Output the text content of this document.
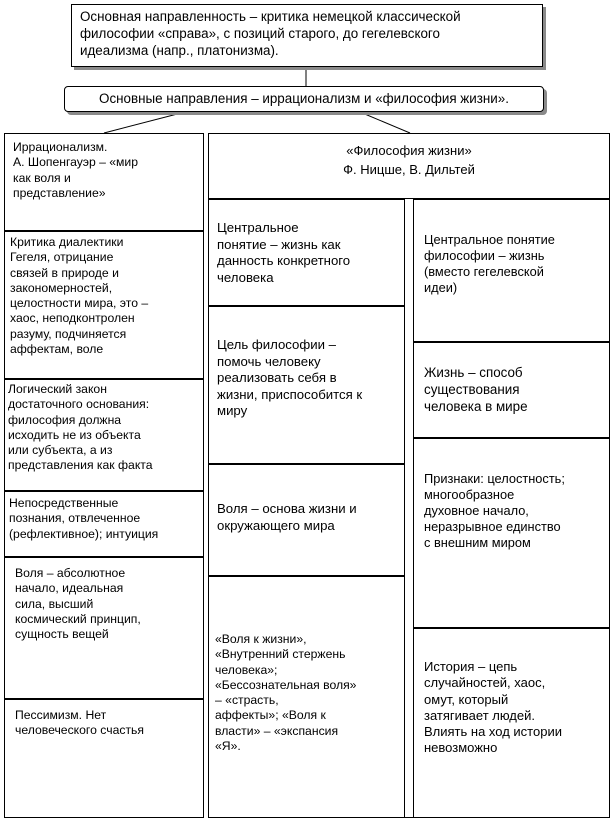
Основная направленность – критика немецкой классической
философии «справа», с позиций старого, до гегелевского
идеализма (напр., платонизма).
Основные направления – иррационализм и «философия жизни».
Иррационализм.
А. Шопенгауэр – «мир
как воля и
представление»
Критика диалектики
Гегеля, отрицание
связей в природе и
закономерностей,
целостности мира, это –
хаос, неподконтролен
разуму, подчиняется
аффектам, воле
Логический закон
достаточного основания:
философия должна
исходить не из объекта
или субъекта, а из
представления как факта
Непосредственные
познания, отвлеченное
(рефлективное); интуиция
Воля – абсолютное
начало, идеальная
сила, высший
космический принцип,
сущность вещей
Пессимизм. Нет
человеческого счастья
«Философия жизни»
Ф. Ницше, В. Дильтей
Центральное
понятие – жизнь как
данность конкретного
человека
Цель философии –
помочь человеку
реализовать себя в
жизни, приспособится к
миру
Воля – основа жизни и
окружающего мира
«Воля к жизни»,
«Внутренний стержень
человека»;
«Бессознательная воля»
– «страсть,
аффекты»; «Воля к
власти» – «экспансия
«Я».
Центральное понятие
философии – жизнь
(вместо гегелевской
идеи)
Жизнь – способ
существования
человека в мире
Признаки: целостность;
многообразное
духовное начало,
неразрывное единство
с внешним миром
История – цепь
случайностей, хаос,
омут, который
затягивает людей.
Влиять на ход истории
невозможно
